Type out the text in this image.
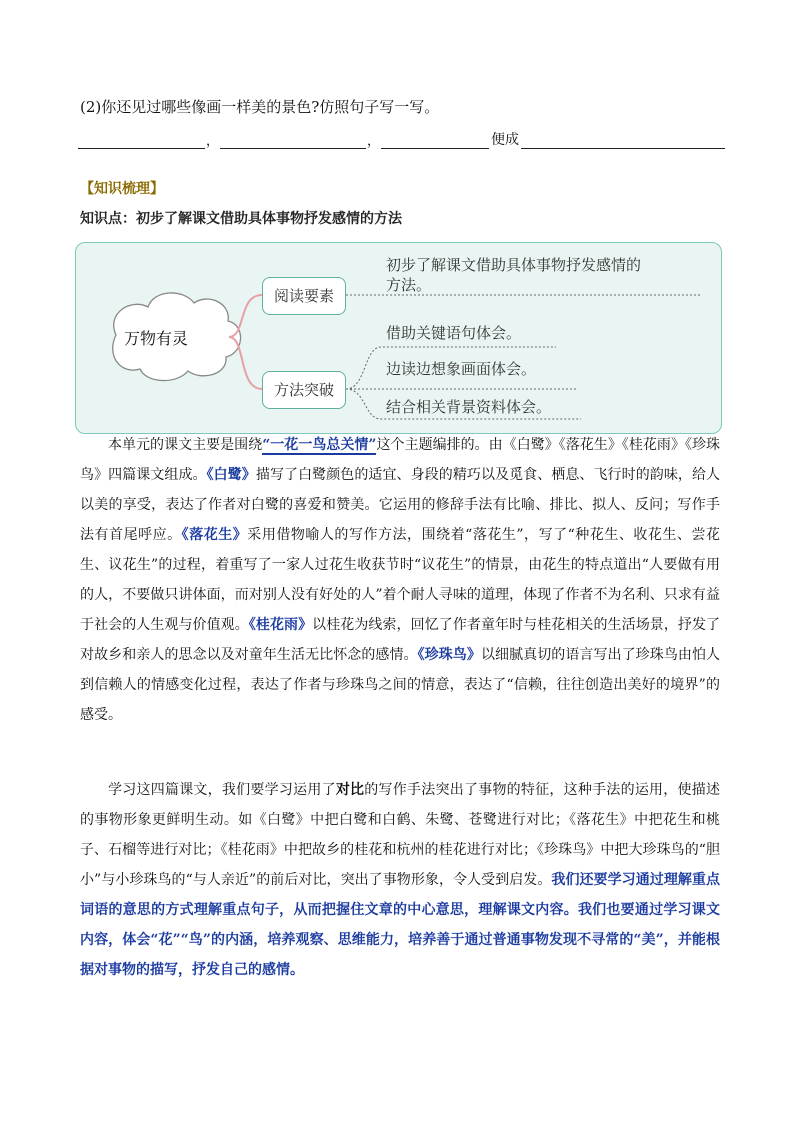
(2)你还见过哪些像画一样美的景色?仿照句子写一写。
，	，	便成
【知识梳理】
知识点：初步了解课文借助具体事物抒发感情的方法
万物有灵
阅读要素
初步了解课文借助具体事物抒发感情的
方法。
方法突破
借助关键语句体会。
边读边想象画面体会。
结合相关背景资料体会。
本单元的课文主要是围绕“一花一鸟总关情”这个主题编排的。由《白鹭》《落花生》《桂花雨》《珍珠鸟》四篇课文组成。《白鹭》描写了白鹭颜色的适宜、身段的精巧以及觅食、栖息、飞行时的韵味，给人以美的享受，表达了作者对白鹭的喜爱和赞美。它运用的修辞手法有比喻、排比、拟人、反问；写作手法有首尾呼应。《落花生》采用借物喻人的写作方法，围绕着“落花生”，写了“种花生、收花生、尝花生、议花生”的过程，着重写了一家人过花生收获节时“议花生”的情景，由花生的特点道出“人要做有用的人，不要做只讲体面，而对别人没有好处的人”着个耐人寻味的道理，体现了作者不为名利、只求有益于社会的人生观与价值观。《桂花雨》以桂花为线索，回忆了作者童年时与桂花相关的生活场景，抒发了对故乡和亲人的思念以及对童年生活无比怀念的感情。《珍珠鸟》以细腻真切的语言写出了珍珠鸟由怕人到信赖人的情感变化过程，表达了作者与珍珠鸟之间的情意，表达了“信赖，往往创造出美好的境界”的感受。
学习这四篇课文，我们要学习运用了对比的写作手法突出了事物的特征，这种手法的运用，使描述的事物形象更鲜明生动。如《白鹭》中把白鹭和白鹤、朱鹭、苍鹭进行对比；《落花生》中把花生和桃子、石榴等进行对比；《桂花雨》中把故乡的桂花和杭州的桂花进行对比；《珍珠鸟》中把大珍珠鸟的“胆小”与小珍珠鸟的“与人亲近”的前后对比，突出了事物形象，令人受到启发。我们还要学习通过理解重点词语的意思的方式理解重点句子，从而把握住文章的中心意思，理解课文内容。我们也要通过学习课文内容，体会“花”“鸟”的内涵，培养观察、思维能力，培养善于通过普通事物发现不寻常的“美”，并能根据对事物的描写，抒发自己的感情。
